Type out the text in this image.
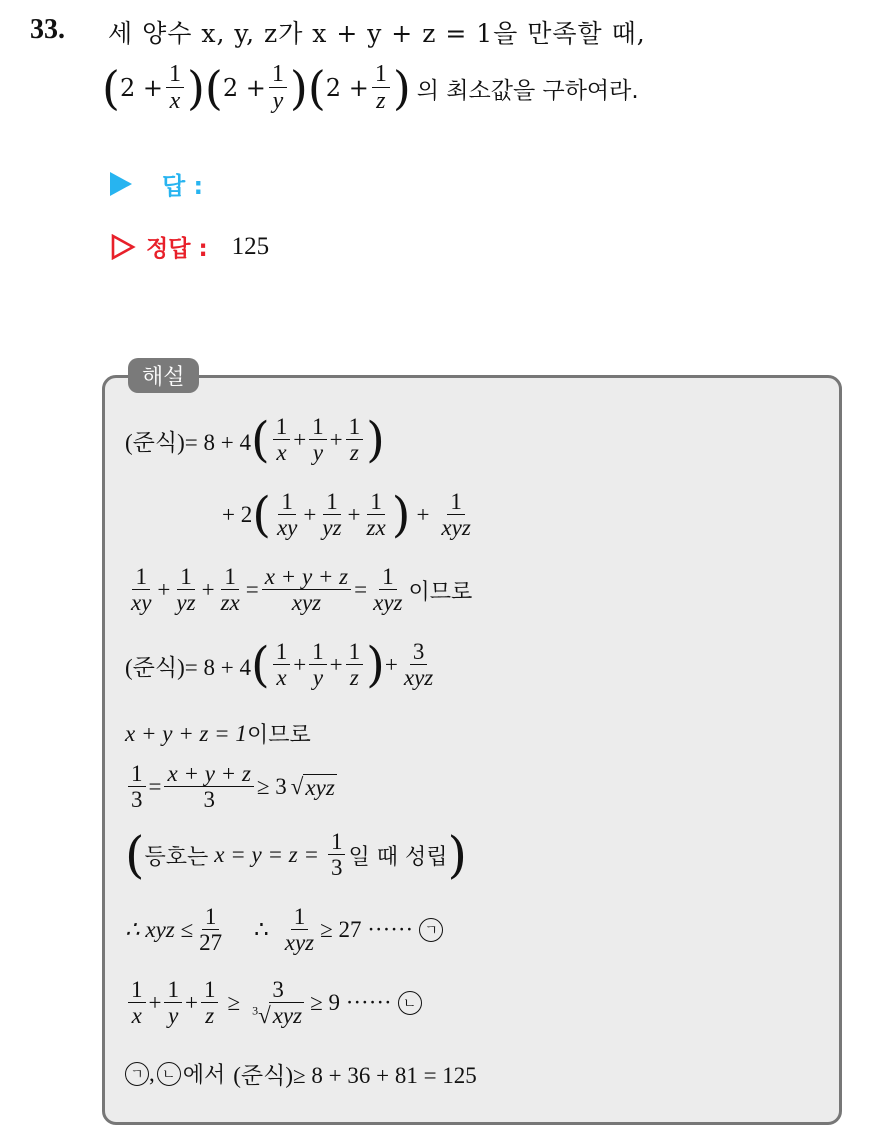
33. 세 양수 x, y, z가 x + y + z = 1을 만족할 때,
( $2 + \frac{1}{x}$ ) ( $2 + \frac{1}{y}$ ) ( $2 + \frac{1}{z}$ ) 의 최소값을 구하여라.
답 :
정답 : 125
해설
(준식)= 8 + 4 ( $\frac{1}{x} + \frac{1}{y} + \frac{1}{z}$ )
+ 2 ( $\frac{1}{xy} + \frac{1}{yz} + \frac{1}{zx}$ ) + $\frac{1}{\text{xyz}}$
$\frac{1}{xy} + \frac{1}{yz} + \frac{1}{zx} = \frac{x + y + z}{\text{xyz}} = \frac{1}{\text{xyz}}$ 이므로
(준식)= 8 + 4 ( $\frac{1}{x} + \frac{1}{y} + \frac{1}{z}$ ) + $\frac{3}{\text{xyz}}$
x + y + z = 1 이므로
$\frac{1}{3} = \frac{x + y + z}{3} \ge 3$ √ xyz
( 등호는 $x = y = z = \frac{1}{3}$ 일 때 성립 )
∴ xyz ≤ $\frac{1}{27}$ ∴ $\frac{1}{\text{xyz}} \ge 27$ ······ ㄱ
$\frac{1}{x} + \frac{1}{y} + \frac{1}{z} \ge \frac{3}{^3√xyz} \ge 9$ ······ ㄴ
ㄱ , ㄴ 에서 (준식)≥ 8 + 36 + 81 = 125
